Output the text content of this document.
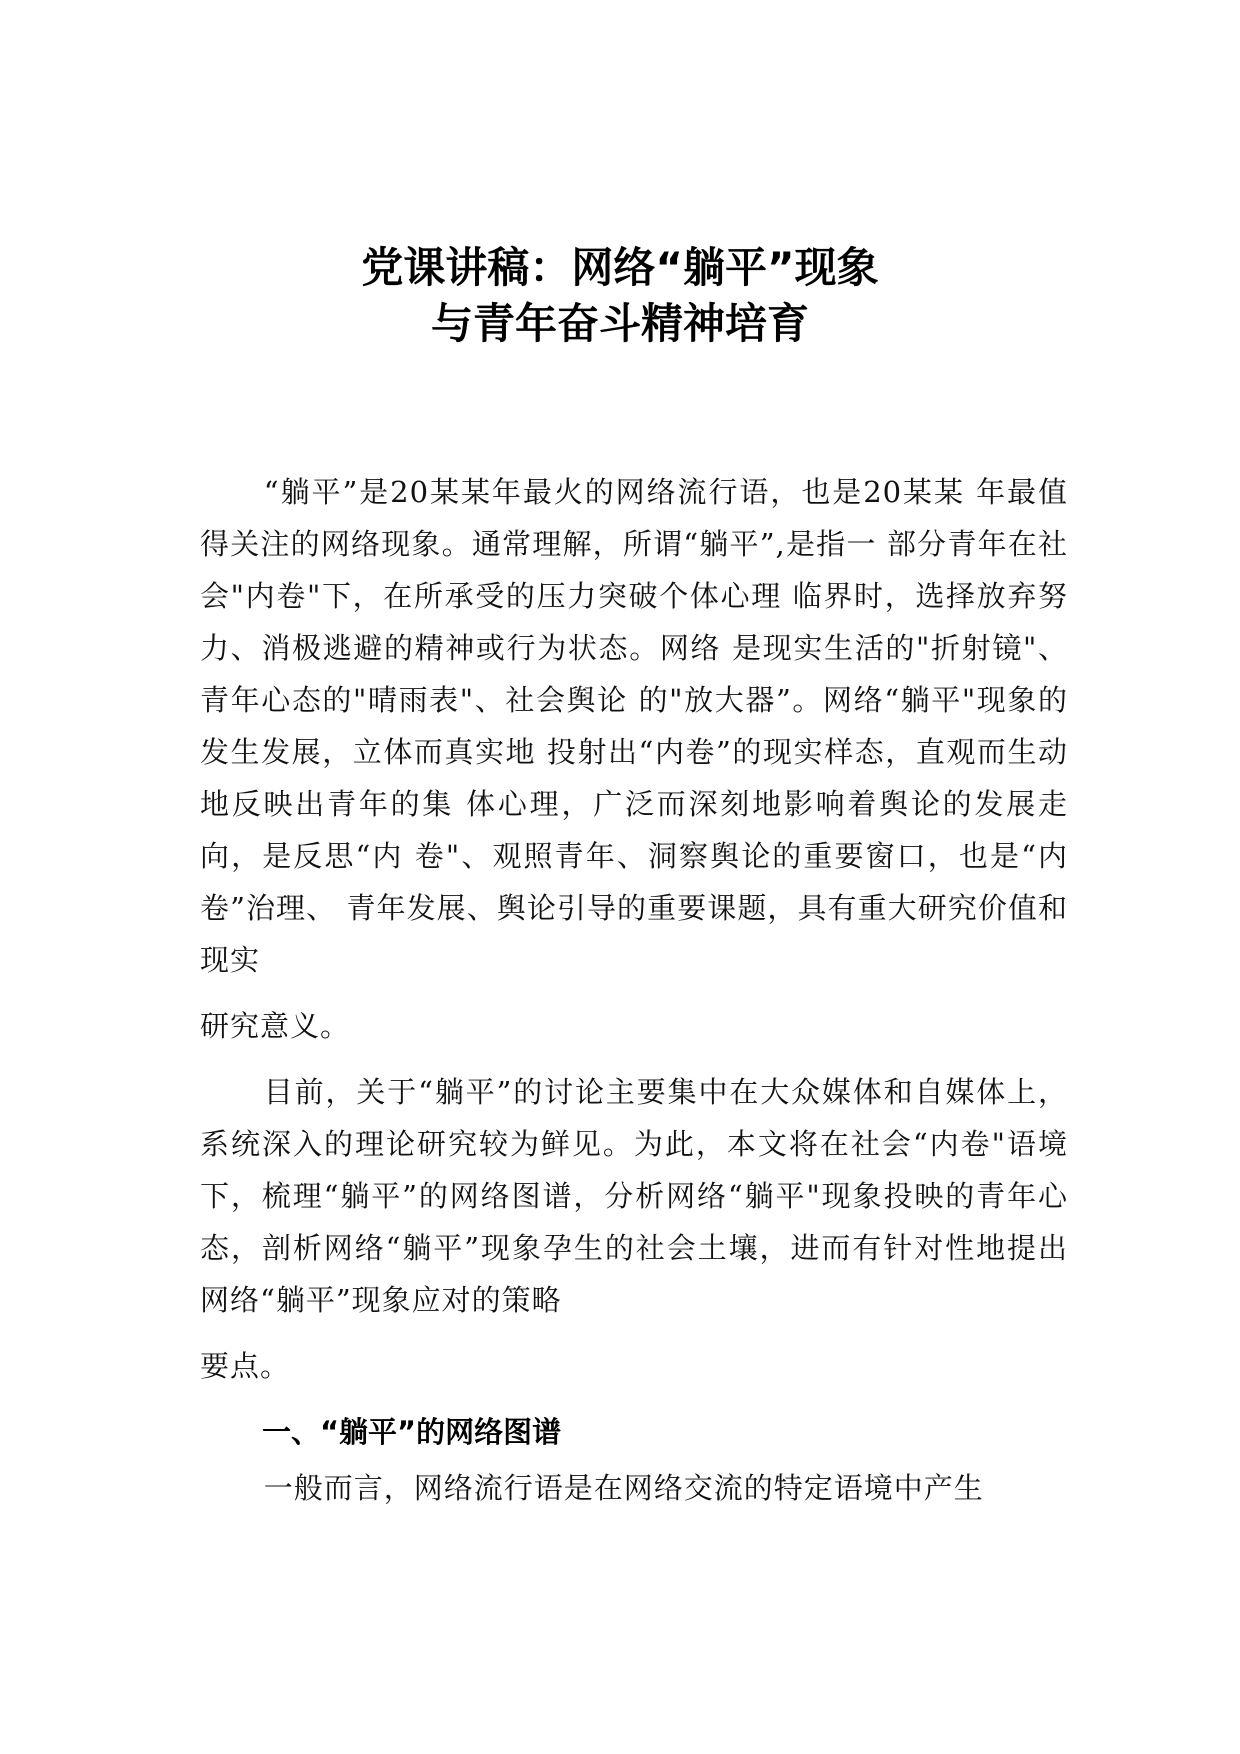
党课讲稿：网络“躺平”现象
与青年奋斗精神培育

“躺平”是20某某年最火的网络流行语，也是20某某 年最值得关注的网络现象。通常理解，所谓“躺平”,是指一 部分青年在社会"内卷"下，在所承受的压力突破个体心理 临界时，选择放弃努力、消极逃避的精神或行为状态。网络 是现实生活的"折射镜"、青年心态的"晴雨表"、社会舆论 的"放大器”。网络“躺平"现象的发生发展，立体而真实地 投射出“内卷”的现实样态，直观而生动地反映出青年的集 体心理，广泛而深刻地影响着舆论的发展走向，是反思“内 卷"、观照青年、洞察舆论的重要窗口，也是“内卷”治理、 青年发展、舆论引导的重要课题，具有重大研究价值和现实

研究意义。

目前，关于“躺平”的讨论主要集中在大众媒体和自媒体上，系统深入的理论研究较为鲜见。为此，本文将在社会“内卷"语境下，梳理“躺平”的网络图谱，分析网络“躺平"现象投映的青年心态，剖析网络“躺平”现象孕生的社会土壤，进而有针对性地提出网络“躺平”现象应对的策略

要点。

一、“躺平”的网络图谱

一般而言，网络流行语是在网络交流的特定语境中产生
